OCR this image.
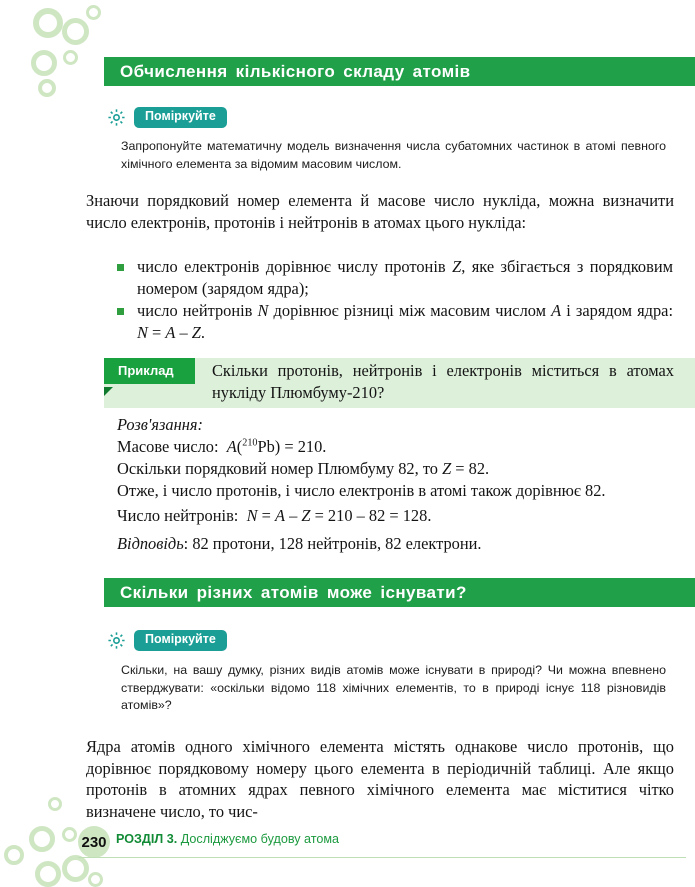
Обчислення кількісного складу атомів
Поміркуйте
Запропонуйте математичну модель визначення числа субатомних частинок в атомі певного хімічного елемента за відомим масовим числом.
Знаючи порядковий номер елемента й масове число нукліда, можна визначити число електронів, протонів і нейтронів в атомах цього нукліда:
число електронів дорівнює числу протонів Z, яке збігається з порядковим номером (зарядом ядра);
число нейтронів N дорівнює різниці між масовим числом A і зарядом ядра: N = A – Z.
Приклад	Скільки протонів, нейтронів і електронів міститься в атомах нукліду Плюмбуму-210?
Розв'язання:
Масове число: A($^{210}$Pb) = 210.
Оскільки порядковий номер Плюмбуму 82, то Z = 82.
Отже, і число протонів, і число електронів в атомі також дорівнює 82.
Число нейтронів:  N = A – Z = 210 – 82 = 128.
Відповідь: 82 протони, 128 нейтронів, 82 електрони.
Скільки різних атомів може існувати?
Поміркуйте
Скільки, на вашу думку, різних видів атомів може існувати в природі? Чи можна впевнено стверджувати: «оскільки відомо 118 хімічних елементів, то в природі існує 118 різновидів атомів»?
Ядра атомів одного хімічного елемента містять однакове число протонів, що дорівнює порядковому номеру цього елемента в періодичній таблиці. Але якщо протонів в атомних ядрах певного хімічного елемента має міститися чітко визначене число, то чис-
230 РОЗДІЛ 3. Досліджуємо будову атома
